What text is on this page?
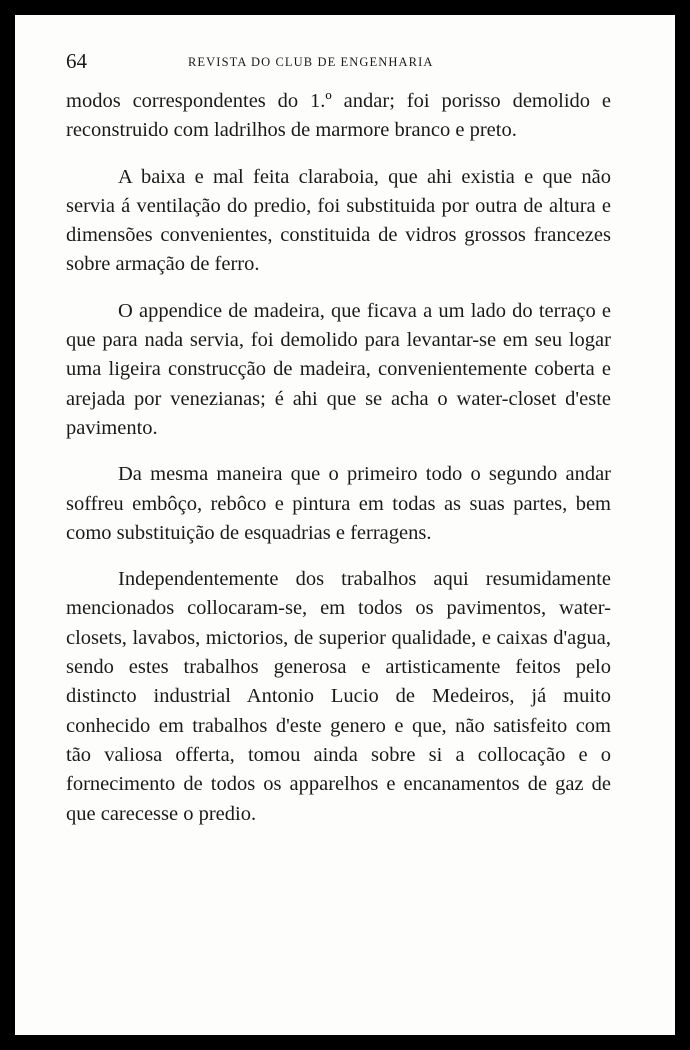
64	REVISTA DO CLUB DE ENGENHARIA

modos correspondentes do 1.º andar; foi porisso demolido e reconstruido com ladrilhos de marmore branco e preto.

A baixa e mal feita claraboia, que ahi existia e que não servia á ventilação do predio, foi substituida por outra de altura e dimensões convenientes, constituida de vidros grossos francezes sobre armação de ferro.

O appendice de madeira, que ficava a um lado do terraço e que para nada servia, foi demolido para levantar-se em seu logar uma ligeira construcção de madeira, convenientemente coberta e arejada por venezianas; é ahi que se acha o water-closet d'este pavimento.

Da mesma maneira que o primeiro todo o segundo andar soffreu embôço, rebôco e pintura em todas as suas partes, bem como substituição de esquadrias e ferragens.

Independentemente dos trabalhos aqui resumidamente mencionados collocaram-se, em todos os pavimentos, water-closets, lavabos, mictorios, de superior qualidade, e caixas d'agua, sendo estes trabalhos generosa e artisticamente feitos pelo distincto industrial Antonio Lucio de Medeiros, já muito conhecido em trabalhos d'este genero e que, não satisfeito com tão valiosa offerta, tomou ainda sobre si a collocação e o fornecimento de todos os apparelhos e encanamentos de gaz de que carecesse o predio.
